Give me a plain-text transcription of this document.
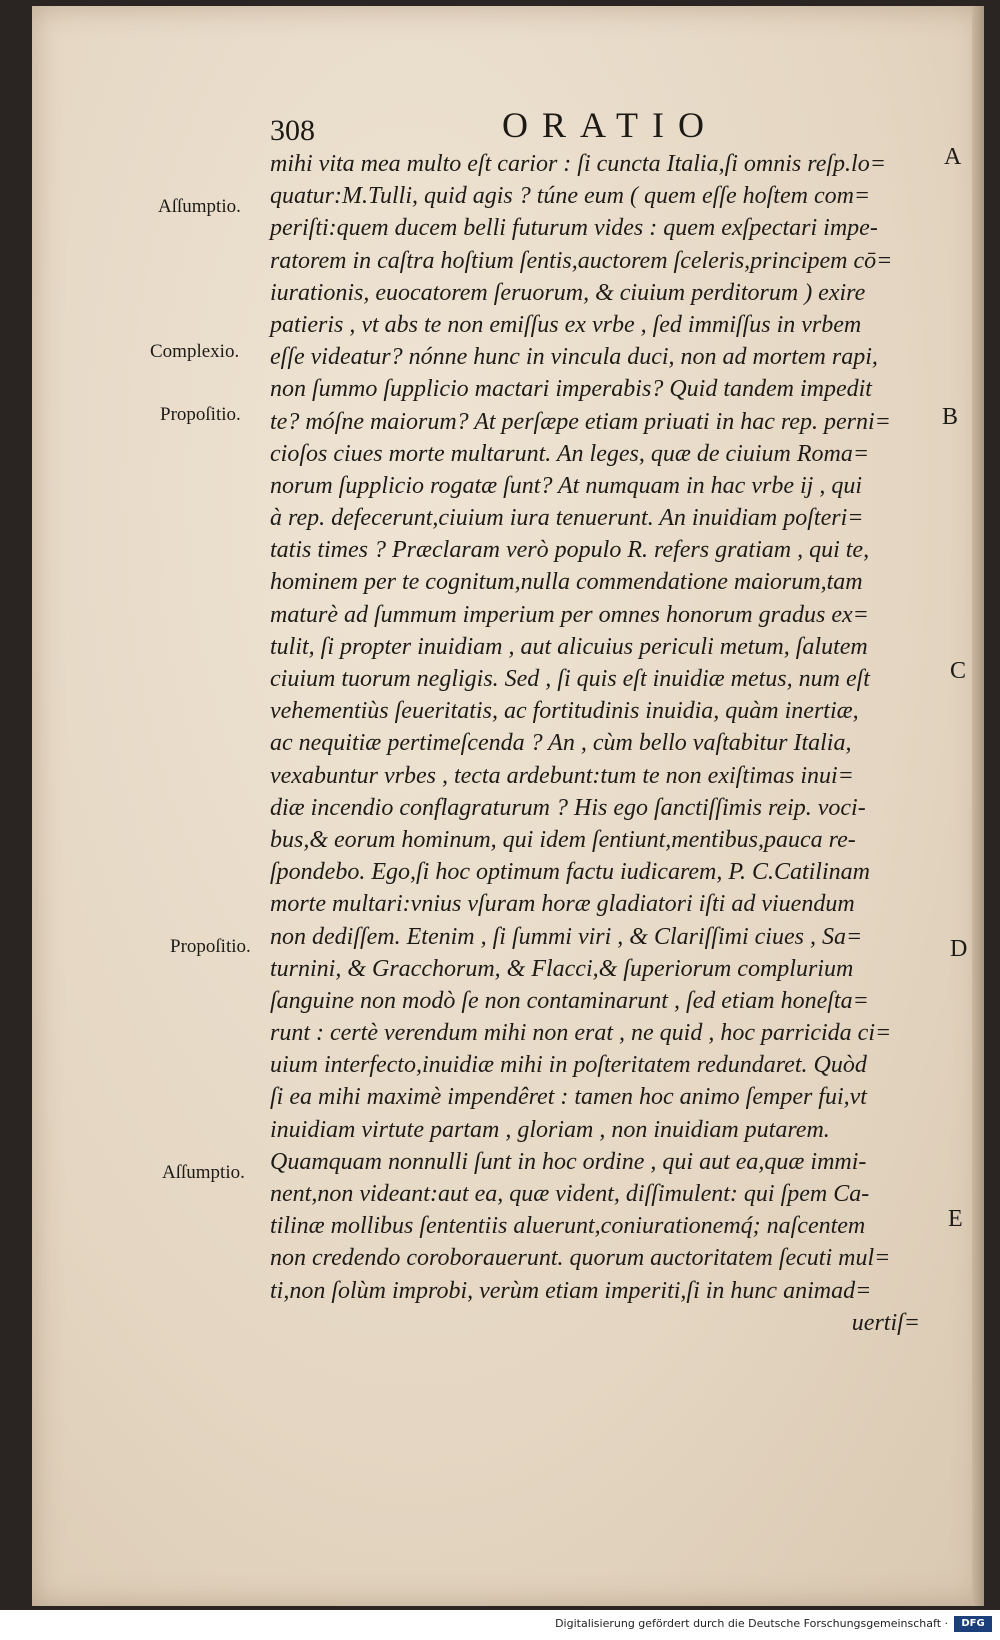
308	ORATIO
Aſſumptio.
Complexio.
Propoſitio.
Propoſitio.
Aſſumptio.
A
B
C
D
E
mihi vita mea multo eſt carior : ſi cuncta Italia,ſi omnis reſp.lo=
quatur:M.Tulli, quid agis ? túne eum ( quem eſſe hoſtem com=
periſti:quem ducem belli futurum vides : quem exſpectari impe-
ratorem in caſtra hoſtium ſentis,auctorem ſceleris,principem cō=
iurationis, euocatorem ſeruorum, & ciuium perditorum ) exire
patieris , vt abs te non emiſſus ex vrbe , ſed immiſſus in vrbem
eſſe videatur? nónne hunc in vincula duci, non ad mortem rapi,
non ſummo ſupplicio mactari imperabis? Quid tandem impedit
te? móſne maiorum? At perſæpe etiam priuati in hac rep. perni=
cioſos ciues morte multarunt. An leges, quæ de ciuium Roma=
norum ſupplicio rogatæ ſunt? At numquam in hac vrbe ij , qui
à rep. defecerunt,ciuium iura tenuerunt. An inuidiam poſteri=
tatis times ? Præclaram verò populo R. refers gratiam , qui te,
hominem per te cognitum,nulla commendatione maiorum,tam
maturè ad ſummum imperium per omnes honorum gradus ex=
tulit, ſi propter inuidiam , aut alicuius periculi metum, ſalutem
ciuium tuorum negligis. Sed , ſi quis eſt inuidiæ metus, num eſt
vehementiùs ſeueritatis, ac fortitudinis inuidia, quàm inertiæ,
ac nequitiæ pertimeſcenda ? An , cùm bello vaſtabitur Italia,
vexabuntur vrbes , tecta ardebunt:tum te non exiſtimas inui=
diæ incendio conflagraturum ? His ego ſanctiſſimis reip. voci-
bus,& eorum hominum, qui idem ſentiunt,mentibus,pauca re-
ſpondebo. Ego,ſi hoc optimum factu iudicarem, P. C.Catilinam
morte multari:vnius vſuram horæ gladiatori iſti ad viuendum
non dediſſem. Etenim , ſi ſummi viri , & Clariſſimi ciues , Sa=
turnini, & Gracchorum, & Flacci,& ſuperiorum complurium
ſanguine non modò ſe non contaminarunt , ſed etiam honeſta=
runt : certè verendum mihi non erat , ne quid , hoc parricida ci=
uium interfecto,inuidiæ mihi in poſteritatem redundaret. Quòd
ſi ea mihi maximè impendêret : tamen hoc animo ſemper fui,vt
inuidiam virtute partam , gloriam , non inuidiam putarem.
Quamquam nonnulli ſunt in hoc ordine , qui aut ea,quæ immi-
nent,non videant:aut ea, quæ vident, diſſimulent: qui ſpem Ca-
tilinæ mollibus ſententiis aluerunt,coniurationemq́; naſcentem
non credendo coroborauerunt. quorum auctoritatem ſecuti mul=
ti,non ſolùm improbi, verùm etiam imperiti,ſi in hunc animad=
uertiſ=
Digitalisierung gefördert durch die Deutsche Forschungsgemeinschaft ·	DFG
